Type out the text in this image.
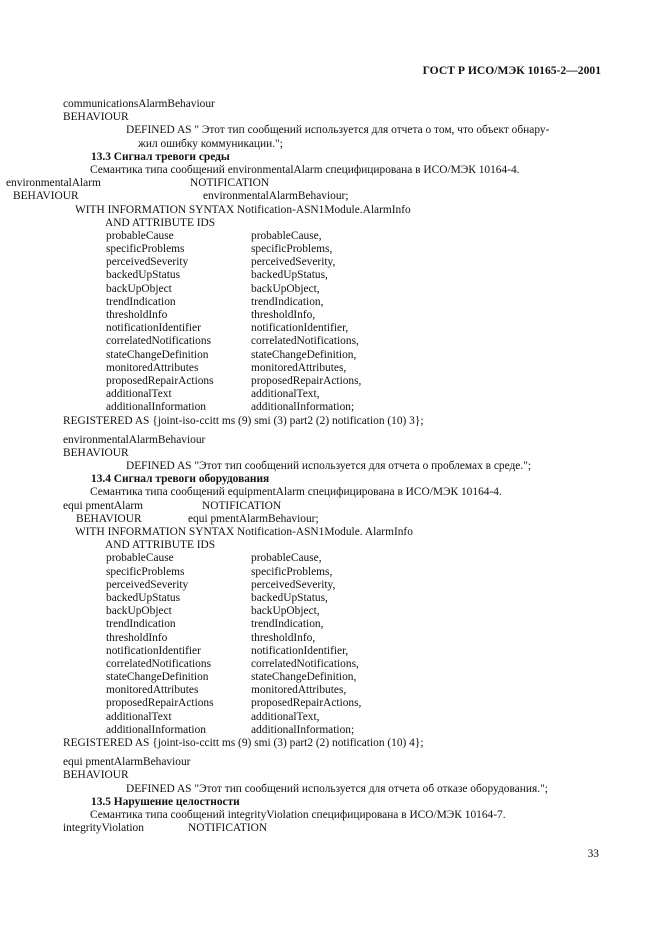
ГОСТ Р ИСО/МЭК 10165-2—2001
communicationsAlarmBehaviour
BEHAVIOUR
DEFINED AS " Этот тип сообщений используется для отчета о том, что объект обнару-
жил ошибку коммуникации.";
13.3 Сигнал тревоги среды
Семантика типа сообщений environmentalAlarm специфицирована в ИСО/МЭК 10164-4.
environmentalAlarm	NOTIFICATION
BEHAVIOUR	environmentalAlarmBehaviour;
WITH INFORMATION SYNTAX Notification-ASN1Module.AlarmInfo
AND ATTRIBUTE IDS
probableCause	probableCause,
specificProblems	specificProblems,
perceivedSeverity	perceivedSeverity,
backedUpStatus	backedUpStatus,
backUpObject	backUpObject,
trendIndication	trendIndication,
thresholdInfo	thresholdInfo,
notificationIdentifier	notificationIdentifier,
correlatedNotifications	correlatedNotifications,
stateChangeDefinition	stateChangeDefinition,
monitoredAttributes	monitoredAttributes,
proposedRepairActions	proposedRepairActions,
additionalText	additionalText,
additionalInformation	additionalInformation;
REGISTERED AS {joint-iso-ccitt ms (9) smi (3) part2 (2) notification (10) 3};
environmentalAlarmBehaviour
BEHAVIOUR
DEFINED AS "Этот тип сообщений используется для отчета о проблемах в среде.";
13.4 Сигнал тревоги оборудования
Семантика типа сообщений equipmentAlarm специфицирована в ИСО/МЭК 10164-4.
equi pmentAlarm	NOTIFICATION
BEHAVIOUR	equi pmentAlarmBehaviour;
WITH INFORMATION SYNTAX Notification-ASN1Module. AlarmInfo
AND ATTRIBUTE IDS
probableCause	probableCause,
specificProblems	specificProblems,
perceivedSeverity	perceivedSeverity,
backedUpStatus	backedUpStatus,
backUpObject	backUpObject,
trendIndication	trendIndication,
thresholdInfo	thresholdInfo,
notificationIdentifier	notificationIdentifier,
correlatedNotifications	correlatedNotifications,
stateChangeDefinition	stateChangeDefinition,
monitoredAttributes	monitoredAttributes,
proposedRepairActions	proposedRepairActions,
additionalText	additionalText,
additionalInformation	additionalInformation;
REGISTERED AS {joint-iso-ccitt ms (9) smi (3) part2 (2) notification (10) 4};
equi pmentAlarmBehaviour
BEHAVIOUR
DEFINED AS "Этот тип сообщений используется для отчета об отказе оборудования.";
13.5 Нарушение целостности
Семантика типа сообщений integrityViolation специфицирована в ИСО/МЭК 10164-7.
integrityViolation	NOTIFICATION
33
